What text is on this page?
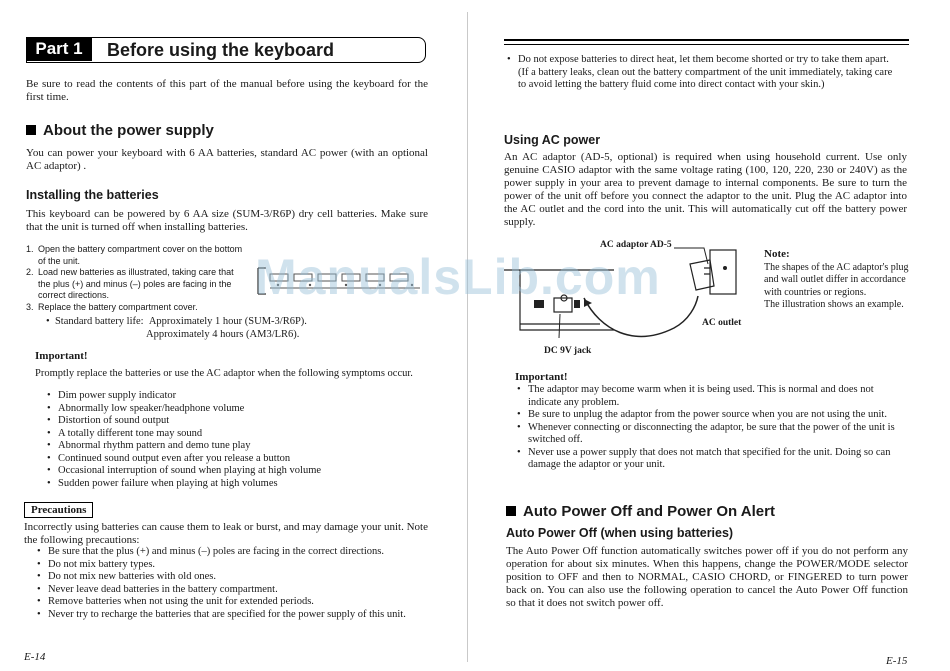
Part 1	Before using the keyboard

Be sure to read the contents of this part of the manual before using the keyboard for the first time.

About the power supply

You can power your keyboard with 6 AA batteries, standard AC power (with an optional AC adaptor) .

Installing the batteries

This keyboard can be powered by 6 AA size (SUM-3/R6P) dry cell batteries. Make sure that the unit is turned off when installing batteries.

1. Open the battery compartment cover on the bottom of the unit.
2. Load new batteries as illustrated, taking care that the plus (+) and minus (–) poles are facing in the correct directions.
3. Replace the battery compartment cover.
•  Standard battery life: Approximately 1 hour (SUM-3/R6P).
Approximately 4 hours (AM3/LR6).
Important!

Promptly replace the batteries or use the AC adaptor when the following symptoms occur.

• Dim power supply indicator
• Abnormally low speaker/headphone volume
• Distortion of sound output
• A totally different tone may sound
• Abnormal rhythm pattern and demo tune play
• Continued sound output even after you release a button
• Occasional interruption of sound when playing at high volume
• Sudden power failure when playing at high volumes
Precautions

Incorrectly using batteries can cause them to leak or burst, and may damage your unit. Note the following precautions:

• Be sure that the plus (+) and minus (–) poles are facing in the correct directions.
• Do not mix battery types.
• Do not mix new batteries with old ones.
• Never leave dead batteries in the battery compartment.
• Remove batteries when not using the unit for extended periods.
• Never try to recharge the batteries that are specified for the power supply of this unit.
E-14
• Do not expose batteries to direct heat, let them become shorted or try to take them apart.
(If a battery leaks, clean out the battery compartment of the unit immediately, taking care to avoid letting the battery fluid come into direct contact with your skin.)
Using AC power

An AC adaptor (AD-5, optional) is required when using household current. Use only genuine CASIO adaptor with the same voltage rating (100, 120, 220, 230 or 240V) as the power supply in your area to prevent damage to internal components. Be sure to turn the power of the unit off before you connect the adaptor to the unit. Plug the AC adaptor into the AC outlet and the cord into the unit. This will automatically cut off the battery power supply.

AC adaptor AD-5
AC outlet
DC 9V jack
Note:

The shapes of the AC adaptor's plug and wall outlet differ in accordance with countries or regions.
The illustration shows an example.

Important!
• The adaptor may become warm when it is being used. This is normal and does not indicate any problem.
• Be sure to unplug the adaptor from the power source when you are not using the unit.
• Whenever connecting or disconnecting the adaptor, be sure that the power of the unit is switched off.
• Never use a power supply that does not match that specified for the unit. Doing so can damage the adaptor or your unit.
Auto Power Off and Power On Alert
Auto Power Off (when using batteries)

The Auto Power Off function automatically switches power off if you do not perform any operation for about six minutes. When this happens, change the POWER/MODE selector position to OFF and then to NORMAL, CASIO CHORD, or FINGERED to turn power back on. You can also use the following operation to cancel the Auto Power Off function so that it does not switch power off.

E-15
ManualsLib.com
